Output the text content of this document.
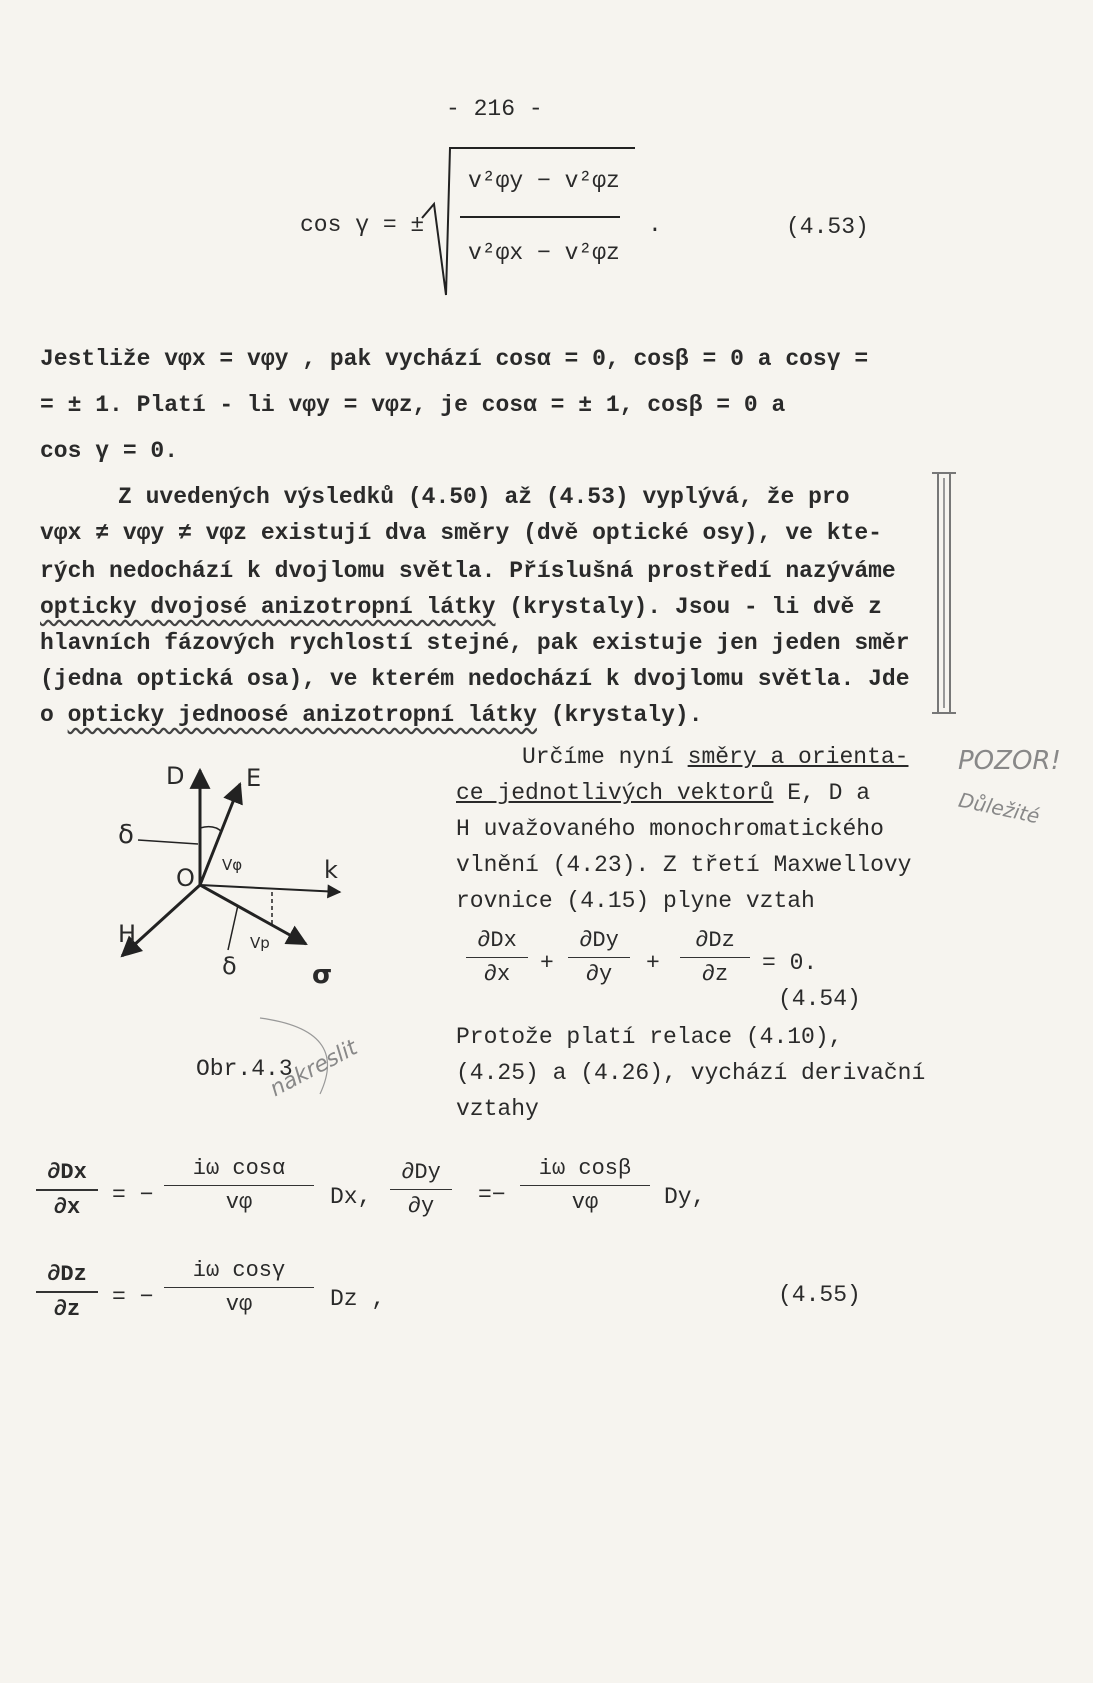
- 216 -
cos γ = ±
v²φy − v²φz
v²φx − v²φz
.	(4.53)
Jestliže vφx = vφy , pak vychází cosα = 0, cosβ = 0 a cosγ =
= ± 1. Platí - li vφy = vφz, je cosα = ± 1, cosβ = 0 a
cos γ = 0.
Z uvedených výsledků (4.50) až (4.53) vyplývá, že pro
vφx ≠ vφy ≠ vφz existují dva směry (dvě optické osy), ve kte-
rých nedochází k dvojlomu světla. Příslušná prostředí nazýváme
opticky dvojosé anizotropní látky (krystaly). Jsou - li dvě z
hlavních fázových rychlostí stejné, pak existuje jen jeden směr
(jedna optická osa), ve kterém nedochází k dvojlomu světla. Jde
o opticky jednoosé anizotropní látky (krystaly).
D	E
δ
O Vφ	k
H	Vp
δ	σ
Obr.4.3
nakreslit
Určíme nyní směry a orienta-
ce jednotlivých vektorů E, D a
H uvažovaného monochromatického
vlnění (4.23). Z třetí Maxwellovy
rovnice (4.15) plyne vztah
POZOR!
Důležité
∂Dx
∂x +
∂Dy
∂y +
∂Dz
∂z = 0.
(4.54)
Protože platí relace (4.10),
(4.25) a (4.26), vychází derivační
vztahy
∂Dx
∂x = −
iω cosα
vφ	Dx,
∂Dy
∂y =−
iω cosβ
vφ	Dy,
∂Dz
∂z = −
iω cosγ
vφ	Dz ,	(4.55)
